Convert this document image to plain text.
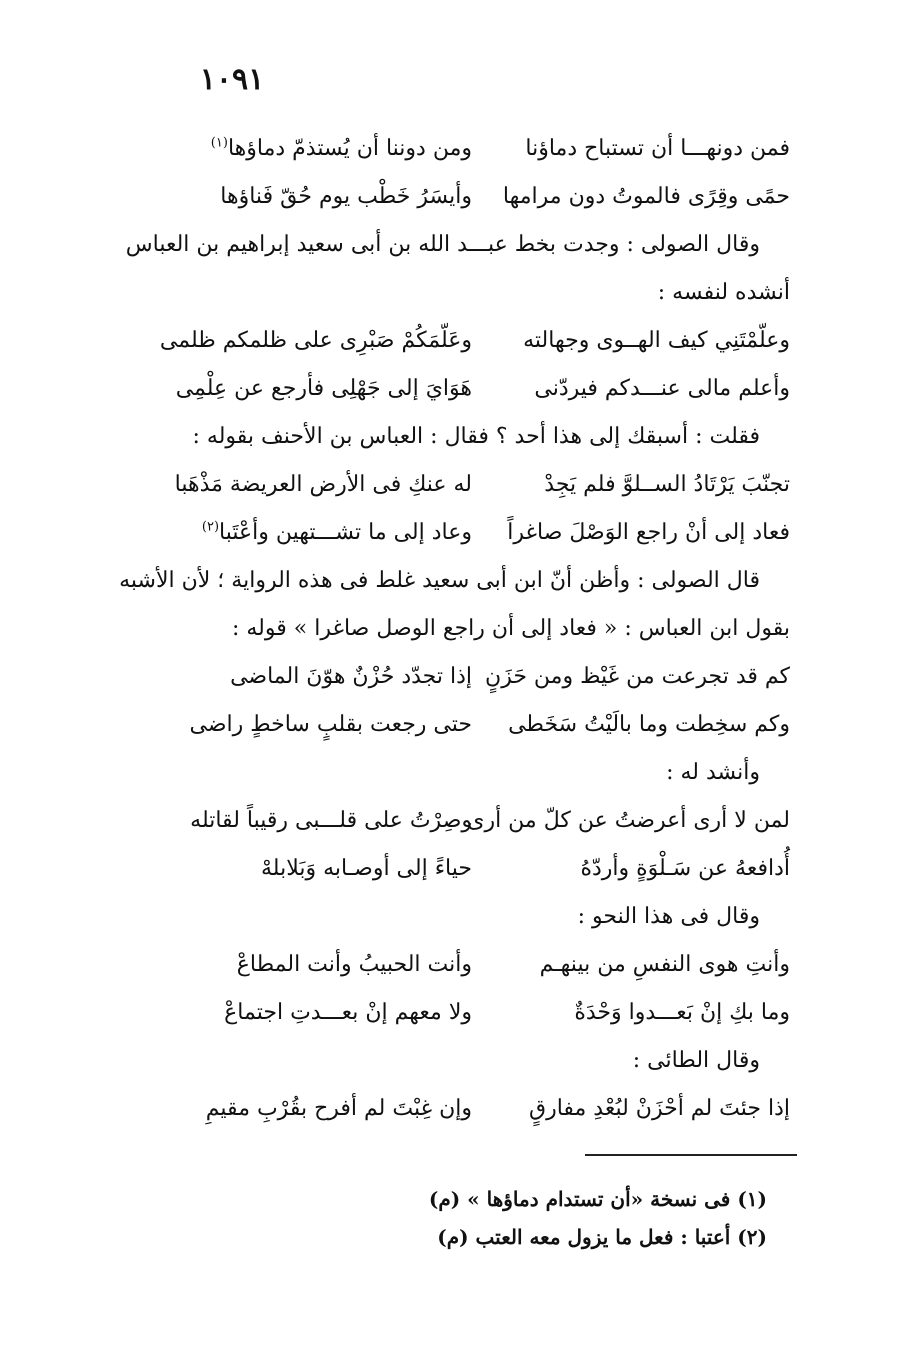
١٠٩١
فمن دونهـــا أن تستباح دماؤنا
ومن دوننا أن يُستذمّ دماؤها$^{(١)}$
حمًى وقِرًى فالموتُ دون مرامها
وأيسَرُ خَطْب يوم حُقّ فَناؤها
وقال الصولى : وجدت بخط عبـــد الله بن أبى سعيد إبراهيم بن العباس
أنشده لنفسه :
وعلّمْتَنِي كيف الهــوى وجهالته
وعَلّمَكُمْ صَبْرِى على ظلمكم ظلمى
وأعلم مالى عنـــدكم فيردّنى
هَوَايَ إلى جَهْلِى فأرجع عن عِلْمِى
فقلت : أسبقك إلى هذا أحد ؟ فقال : العباس بن الأحنف بقوله :
تجنّبَ يَرْتَادُ الســلوَّ فلم يَجِدْ
له عنكِ فى الأرض العريضة مَذْهَبا
فعاد إلى أنْ راجع الوَصْلَ صاغراً
وعاد إلى ما تشـــتهين وأعْتَبا$^{(٢)}$
قال الصولى : وأظن أنّ ابن أبى سعيد غلط فى هذه الرواية ؛ لأن الأشبه
بقول ابن العباس : « فعاد إلى أن راجع الوصل صاغرا » قوله :
كم قد تجرعت من غَيْظ ومن حَزَنٍ
إذا تجدّد حُزْنٌ هوّنَ الماضى
وكم سخِطت وما بالَيْتُ سَخَطى
حتى رجعت بقلبٍ ساخطٍ راضى
وأنشد له :
لمن لا أرى أعرضتُ عن كلّ من أرى
وصِرْتُ على قلـــبى رقيباً لقاتله
أُدافعهُ عن سَـلْوَةٍ وأردّهُ
حياءً إلى أوصـابه وَبَلابلهْ
وقال فى هذا النحو :
وأنتِ هوى النفسِ من بينهـم
وأنت الحبيبُ وأنت المطاعْ
وما بكِ إنْ بَعـــدوا وَحْدَةٌ
ولا معهم إنْ بعـــدتِ اجتماعْ
وقال الطائى :
إذا جئتَ لم أحْزَنْ لبُعْدِ مفارقٍ
وإن غِبْتَ لم أفرح بقُرْبِ مقيمِ
(١) فى نسخة «أن تستدام دماؤها » (م)
(٢) أعتبا : فعل ما يزول معه العتب (م)
